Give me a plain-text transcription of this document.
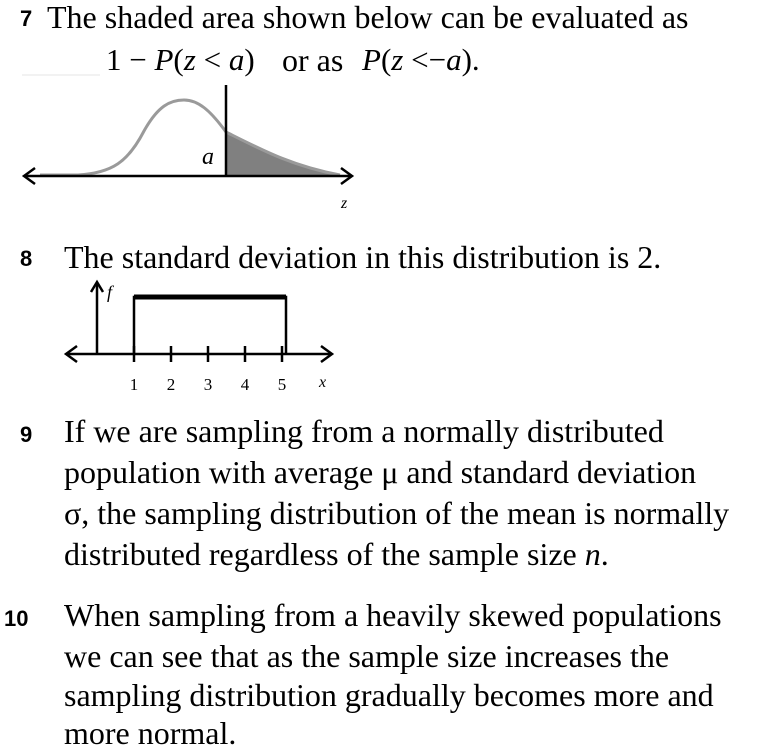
7 The shaded area shown below can be evaluated as
1 − P(z < a) or as P(z <−a).
a
z
8 The standard deviation in this distribution is 2.
f
1 2 3 4 5 x
9 If we are sampling from a normally distributed
population with average μ and standard deviation
σ, the sampling distribution of the mean is normally
distributed regardless of the sample size n.
10 When sampling from a heavily skewed populations
we can see that as the sample size increases the
sampling distribution gradually becomes more and
more normal.
